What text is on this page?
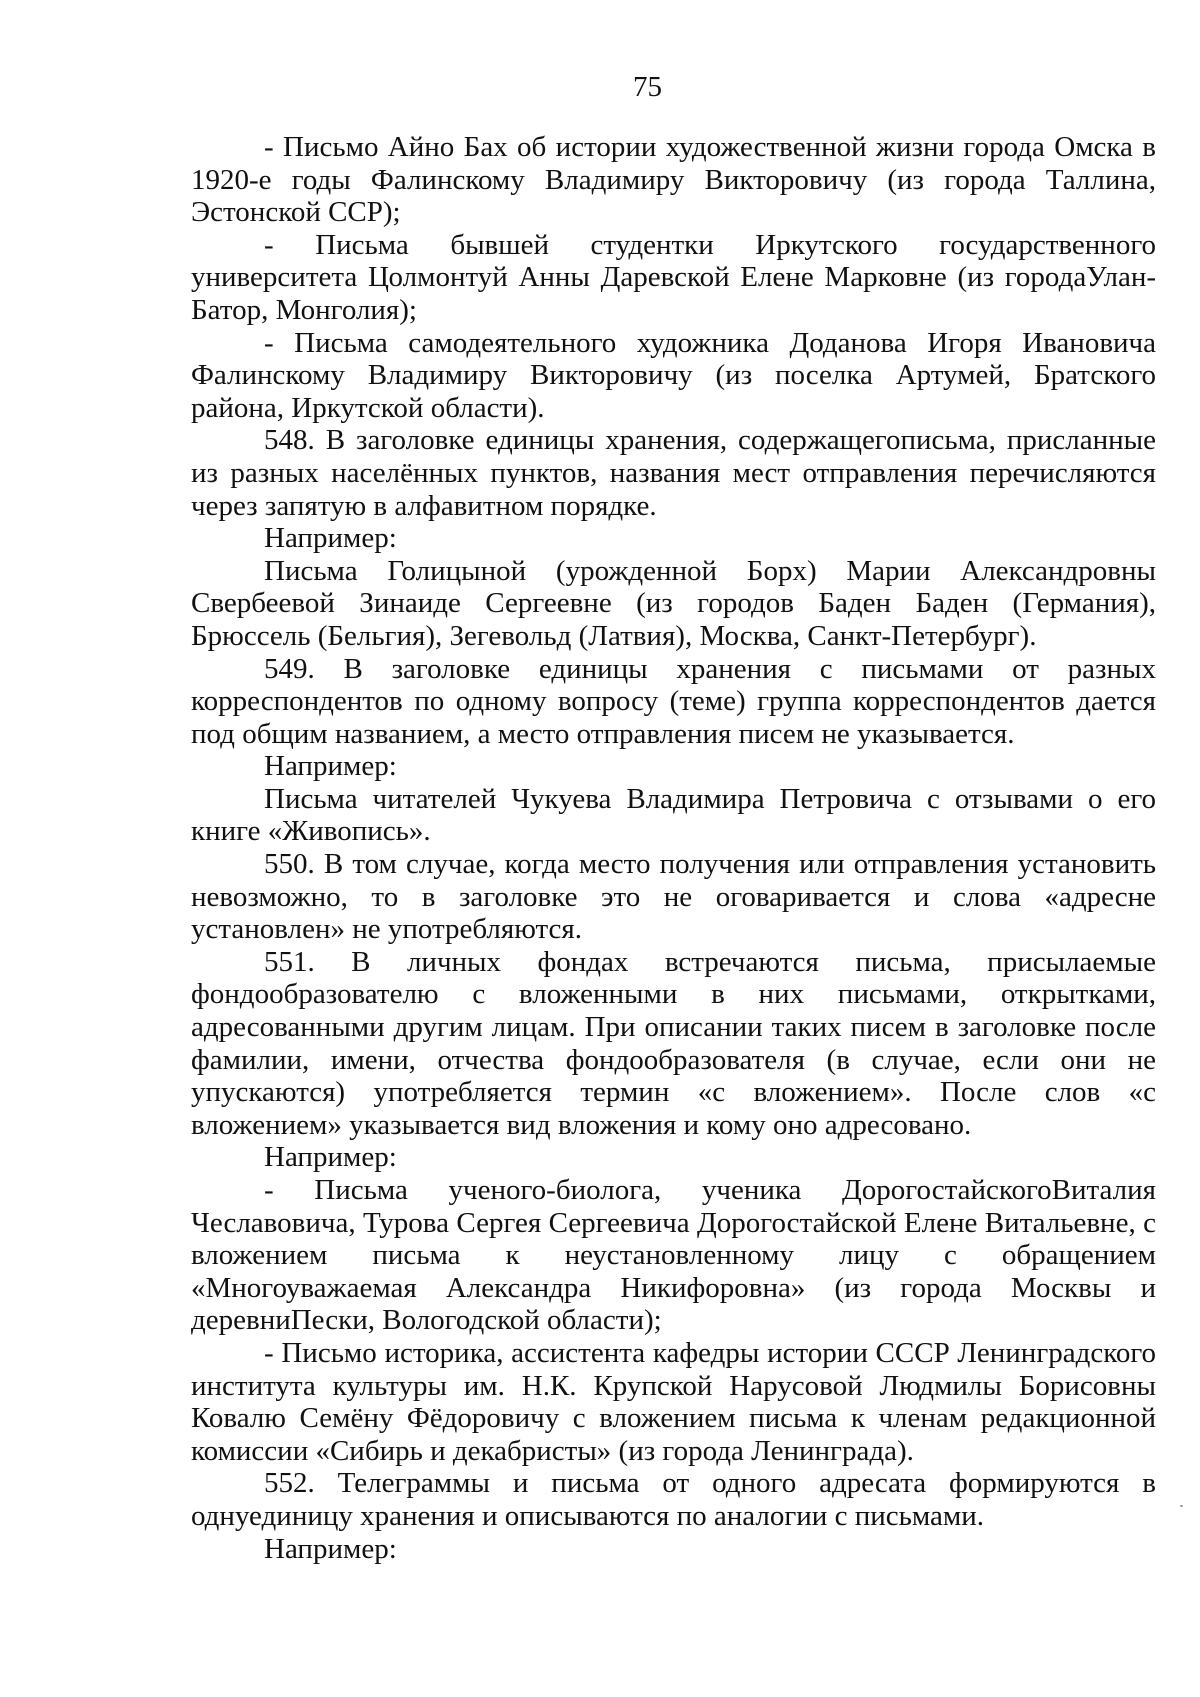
75

- Письмо Айно Бах об истории художественной жизни города Омска в 1920-е годы Фалинскому Владимиру Викторовичу (из города Таллина, Эстонской ССР);

- Письма бывшей студентки Иркутского государственного университета Цолмонтуй Анны Даревской Елене Марковне (из городаУлан-Батор, Монголия);

- Письма самодеятельного художника Доданова Игоря Ивановича Фалинскому Владимиру Викторовичу (из поселка Артумей, Братского района, Иркутской области).

548. В заголовке единицы хранения, содержащегописьма, присланные из разных населённых пунктов, названия мест отправления перечисляются через запятую в алфавитном порядке.

Например:

Письма Голицыной (урожденной Борх) Марии Александровны Свербеевой Зинаиде Сергеевне (из городов Баден Баден (Германия), Брюссель (Бельгия), Зегевольд (Латвия), Москва, Санкт-Петербург).

549. В заголовке единицы хранения с письмами от разных корреспондентов по одному вопросу (теме) группа корреспондентов дается под общим названием, а место отправления писем не указывается.

Например:

Письма читателей Чукуева Владимира Петровича с отзывами о его книге «Живопись».

550. В том случае, когда место получения или отправления установить невозможно, то в заголовке это не оговаривается и слова «адресне установлен» не употребляются.

551. В личных фондах встречаются письма, присылаемые фондообразователю с вложенными в них письмами, открытками, адресованными другим лицам. При описании таких писем в заголовке после фамилии, имени, отчества фондообразователя (в случае, если они не упускаются) употребляется термин «с вложением». После слов «с вложением» указывается вид вложения и кому оно адресовано.

Например:

- Письма ученого-биолога, ученика ДорогостайскогоВиталия Чеславовича, Турова Сергея Сергеевича Дорогостайской Елене Витальевне, с вложением письма к неустановленному лицу с обращением «Многоуважаемая Александра Никифоровна» (из города Москвы и деревниПески, Вологодской области);

- Письмо историка, ассистента кафедры истории СССР Ленинградского института культуры им. Н.К. Крупской Нарусовой Людмилы Борисовны Ковалю Семёну Фёдоровичу с вложением письма к членам редакционной комиссии «Сибирь и декабристы» (из города Ленинграда).

552. Телеграммы и письма от одного адресата формируются в однуединицу хранения и описываются по аналогии с письмами.

Например:
